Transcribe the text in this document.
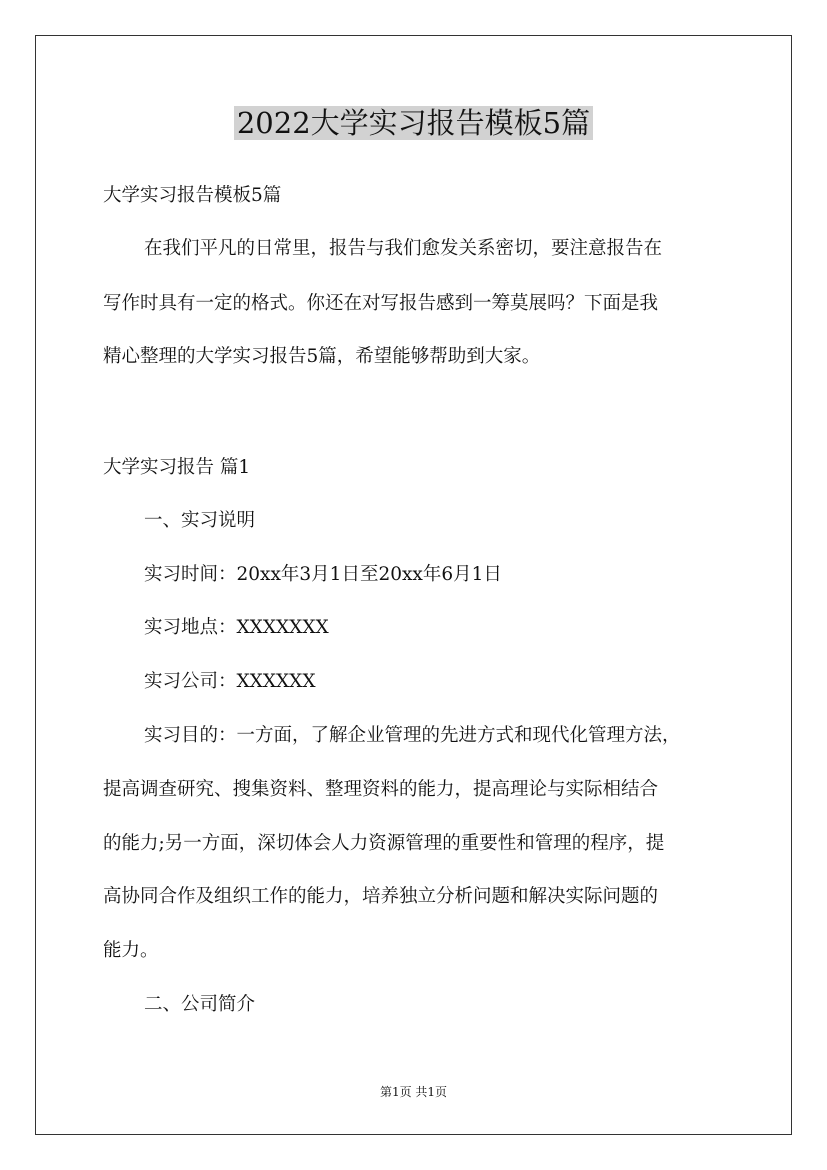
2022大学实习报告模板5篇
大学实习报告模板5篇
在我们平凡的日常里，报告与我们愈发关系密切，要注意报告在
写作时具有一定的格式。你还在对写报告感到一筹莫展吗？下面是我
精心整理的大学实习报告5篇，希望能够帮助到大家。
大学实习报告 篇1
一、实习说明
实习时间：20xx年3月1日至20xx年6月1日
实习地点：XXXXXXX
实习公司：XXXXXX
实习目的：一方面，了解企业管理的先进方式和现代化管理方法，
提高调查研究、搜集资料、整理资料的能力，提高理论与实际相结合
的能力;另一方面，深切体会人力资源管理的重要性和管理的程序，提
高协同合作及组织工作的能力，培养独立分析问题和解决实际问题的
能力。
二、公司简介
第1页 共1页
